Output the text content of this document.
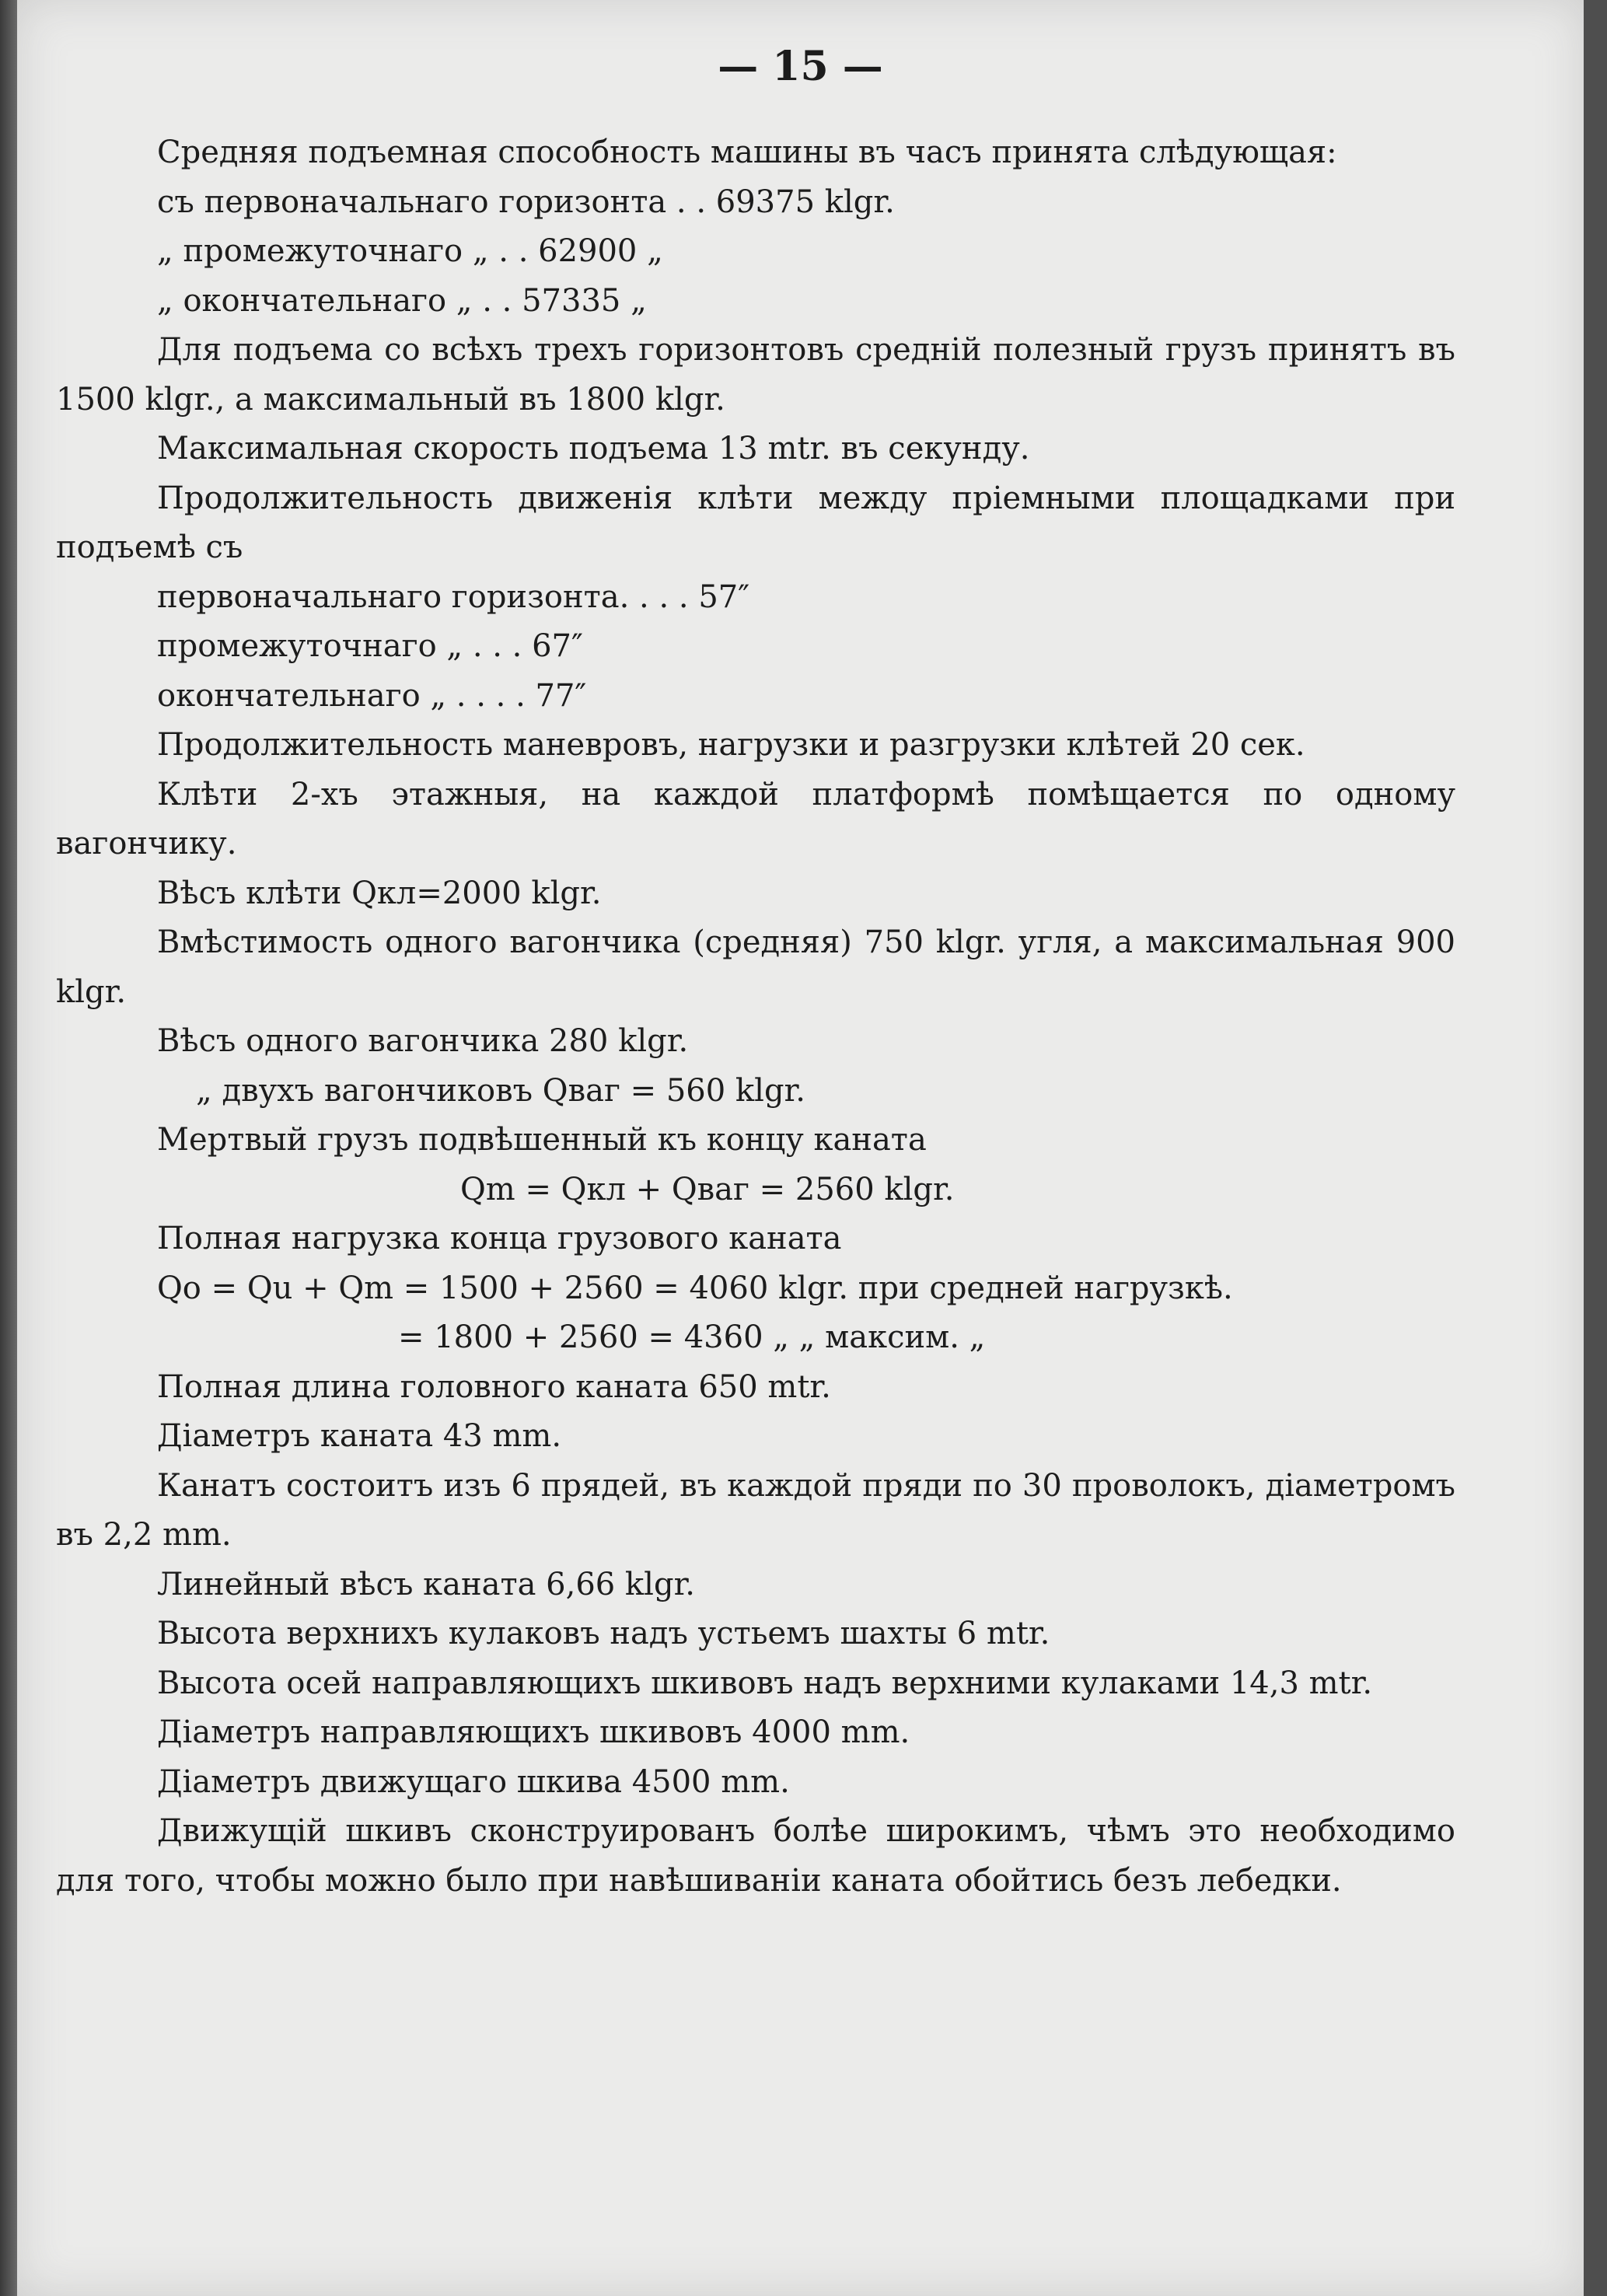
— 15 —

Средняя подъемная способность машины въ часъ принята слѣдующая:

съ первоначальнаго горизонта . . 69375 klgr.

„ промежуточнаго „ . . 62900 „

„ окончательнаго „ . . 57335 „

Для подъема со всѣхъ трехъ горизонтовъ среднiй полезный грузъ принятъ въ 1500 klgr., а максимальный въ 1800 klgr.

Максимальная скорость подъема 13 mtr. въ секунду.

Продолжительность движенія клѣти между пріемными площадками при подъемѣ съ

первоначальнаго горизонта. . . . 57″

промежуточнаго „ . . . 67″

окончательнаго „ . . . . 77″

Продолжительность маневровъ, нагрузки и разгрузки клѣтей 20 сек.

Клѣти 2-хъ этажныя, на каждой платформѣ помѣщается по одному вагончику.

Вѣсъ клѣти Qкл=2000 klgr.

Вмѣстимость одного вагончика (средняя) 750 klgr. угля, а максимальная 900 klgr.

Вѣсъ одного вагончика 280 klgr.

„ двухъ вагончиковъ Qваг = 560 klgr.

Мертвый грузъ подвѣшенный къ концу каната

Qm = Qкл + Qваг = 2560 klgr.

Полная нагрузка конца грузового каната

Qo = Qu + Qm = 1500 + 2560 = 4060 klgr. при средней нагрузкѣ.

= 1800 + 2560 = 4360 „ „ максим. „

Полная длина головного каната 650 mtr.

Діаметръ каната 43 mm.

Канатъ состоитъ изъ 6 прядей, въ каждой пряди по 30 проволокъ, діаметромъ въ 2,2 mm.

Линейный вѣсъ каната 6,66 klgr.

Высота верхнихъ кулаковъ надъ устьемъ шахты 6 mtr.

Высота осей направляющихъ шкивовъ надъ верхними кулаками 14,3 mtr.

Діаметръ направляющихъ шкивовъ 4000 mm.

Діаметръ движущаго шкива 4500 mm.

Движущій шкивъ сконструированъ болѣе широкимъ, чѣмъ это необходимо для того, чтобы можно было при навѣшиваніи каната обойтись безъ лебедки.
